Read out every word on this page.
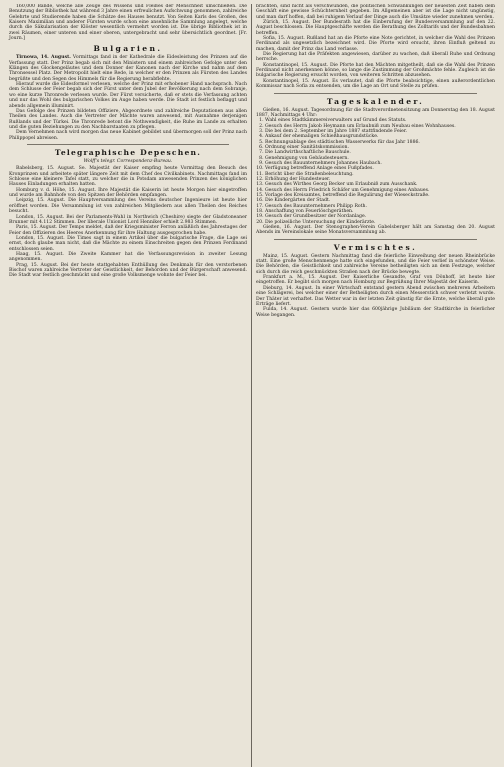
160,000 Bände, welche alle Zeuge des Wissens und Fleißes der Menschheit umschließen. Die Benutzung der Bibliothek hat während 3 Jahre einen erfreulichen Aufschwung genommen, zahlreiche Gelehrte und Studierende haben die Schätze des Hauses benutzt. Von Seiten Karls des Großen, des Kaisers Maximilian und anderer Fürsten wurde schon eine ansehnliche Sammlung angelegt, welche durch die Säkularisation der Klöster wesentlich vermehrt worden ist. Die übrige Bibliothek ist in zwei Räumen, einer unteren und einer oberen, untergebracht und sehr übersichtlich geordnet. [Fr. Journ.]

Bulgarien.

Tirnowa, 14. August. Vormittags fand in der Kathedrale die Eidesleistung des Prinzen auf die Verfassung statt. Der Prinz begab sich mit den Ministern und einem zahlreichen Gefolge unter den Klängen des Glockengeläutes und dem Donner der Kanonen nach der Kirche und nahm auf dem Thronsessel Platz. Der Metropolit hielt eine Rede, in welcher er den Prinzen als Fürsten des Landes begrüßte und den Segen des Himmels für die Regierung herabflehte.

Hierauf wurde die Eidesformel verlesen, welche der Prinz mit erhobener Hand nachsprach. Nach dem Schlusse der Feier begab sich der Fürst unter dem Jubel der Bevölkerung nach dem Sobranje, wo eine kurze Thronrede verlesen wurde. Der Fürst versicherte, daß er stets die Verfassung achten und nur das Wohl des bulgarischen Volkes im Auge haben werde. Die Stadt ist festlich beflaggt und abends allgemein illuminirt.

Das Gefolge des Prinzen bildeten Offiziere, Abgeordnete und zahlreiche Deputationen aus allen Theilen des Landes. Auch die Vertreter der Mächte waren anwesend, mit Ausnahme derjenigen Rußlands und der Türkei. Die Thronrede betont die Nothwendigkeit, die Ruhe im Lande zu erhalten und die guten Beziehungen zu den Nachbarstaaten zu pflegen.

Dem Vernehmen nach wird morgen das neue Kabinet gebildet und übermorgen soll der Prinz nach Philippopel abreisen.

Telegraphische Depeschen.
Wolff's telegr. Correspondenz-Bureau.

Babelsberg, 15. August. Se. Majestät der Kaiser empfing heute Vormittag den Besuch des Kronprinzen und arbeitete später längere Zeit mit dem Chef des Civilkabinets. Nachmittags fand im Schlosse eine kleinere Tafel statt, zu welcher die in Potsdam anwesenden Prinzen des königlichen Hauses Einladungen erhalten hatten.

Homburg v. d. Höhe, 15. August. Ihre Majestät die Kaiserin ist heute Morgen hier eingetroffen und wurde am Bahnhofe von den Spitzen der Behörden empfangen.

Leipzig, 15. August. Die Hauptversammlung des Vereins deutscher Ingenieure ist heute hier eröffnet worden. Die Versammlung ist von zahlreichen Mitgliedern aus allen Theilen des Reiches besucht.

London, 15. August. Bei der Parlaments-Wahl in Northwich (Cheshire) siegte der Gladstoneaner Brunner mit 4.112 Stimmen. Der liberale Unionist Lord Henniker erhielt 2.983 Stimmen.

Paris, 15. August. Der Temps meldet, daß der Kriegsminister Ferron anläßlich des Jahrestages der Feier den Offizieren des Heeres Anerkennung für ihre Haltung ausgesprochen habe.

London, 15. August. Die Times sagt in einem Artikel über die bulgarische Frage, die Lage sei ernst, doch glaube man nicht, daß die Mächte zu einem Einschreiten gegen den Prinzen Ferdinand entschlossen seien.

Haag, 15. August. Die Zweite Kammer hat die Verfassungsrevision in zweiter Lesung angenommen.

Prag, 15. August. Bei der heute stattgehabten Enthüllung des Denkmals für den verstorbenen Bischof waren zahlreiche Vertreter der Geistlichkeit, der Behörden und der Bürgerschaft anwesend. Die Stadt war festlich geschmückt und eine große Volksmenge wohnte der Feier bei.

brachten, sind nicht als verschwunden, die politischen Schwankungen der neuesten Zeit haben dem Geschäft eine gewisse Schüchternheit gegeben. Im Allgemeinen aber ist die Lage nicht ungünstig, und man darf hoffen, daß bei ruhigem Verlauf der Dinge auch die Umsätze wieder zunehmen werden.

Zürich, 15. August. Der Bundesrath hat die Einberufung der Bundesversammlung auf den 22. August beschlossen. Die Hauptgeschäfte werden die Berathung des Zolltarifs und der Bundesbahnen betreffen.

Sofia, 15. August. Rußland hat an die Pforte eine Note gerichtet, in welcher die Wahl des Prinzen Ferdinand als ungesetzlich bezeichnet wird. Die Pforte wird ersucht, ihren Einfluß geltend zu machen, damit der Prinz das Land verlasse.

Die Regierung hat die Präfekten angewiesen, darüber zu wachen, daß überall Ruhe und Ordnung herrsche.

Konstantinopel, 15. August. Die Pforte hat den Mächten mitgetheilt, daß sie die Wahl des Prinzen Ferdinand nicht anerkennen könne, so lange die Zustimmung der Großmächte fehle. Zugleich ist die bulgarische Regierung ersucht worden, von weiteren Schritten abzusehen.

Konstantinopel, 15. August. Es verlautet, daß die Pforte beabsichtige, einen außerordentlichen Kommissar nach Sofia zu entsenden, um die Lage an Ort und Stelle zu prüfen.

Tageskalender.

Gießen, 16. August. Tagesordnung für die Stadtverordnetensitzung am Donnerstag den 18. August 1887, Nachmittags 4 Uhr:

1. Wahl eines Stadtkämmereiverwalters auf Grund des Statuts.
2. Gesuch des Herrn Jakob Heymann um Erlaubniß zum Neubau eines Wohnhauses.
3. Die bei dem 2. September im Jahre 1887 stattfindende Feier.
4. Ankauf der ehemaligen Schießhausgrundstücke.
5. Rechnungsablage des städtischen Wasserwerks für das Jahr 1886.
6. Ordnung einer Sanitätskommission.
7. Die Landwirthschaftliche Bauschule.
8. Genehmigung von Gebäudesteuern.
9. Gesuch des Bauunternehmers Johannes Haubach.
10. Verfügung betreffend Anlage eines Fußpfades.
11. Bericht über die Straßenbeleuchtung.
12. Erhöhung der Hundesteuer.
13. Gesuch des Wirthes Georg Becker um Erlaubniß zum Ausschank.
14. Gesuch des Herrn Friedrich Schäfer um Genehmigung eines Anbaues.
15. Vorlage des Kreisamtes, betreffend die Regulirung der Wieseckstraße.
16. Die Kindergärten der Stadt.
17. Gesuch des Bauunternehmers Philipp Roth.
18. Anschaffung von Feuerlöschgeräthen.
19. Gesuch der Grundbesitzer der Nordanlage.
20. Die polizeiliche Untersuchung der Kinderärzte.

Gießen, 16. August. Der Stenographen-Verein Gabelsberger hält am Samstag den 20. August Abends im Vereinslokale seine Monatsversammlung ab.

Vermischtes.

Mainz, 15. August. Gestern Nachmittag fand die feierliche Einweihung der neuen Rheinbrücke statt. Eine große Menschenmenge hatte sich eingefunden, und die Feier verlief in schönster Weise. Die Behörden, die Geistlichkeit und zahlreiche Vereine betheiligten sich an dem Festzuge, welcher sich durch die reich geschmückten Straßen nach der Brücke bewegte.

Frankfurt a. M., 15. August. Der Kaiserliche Gesandte, Graf von Dönhoff, ist heute hier eingetroffen. Er begibt sich morgen nach Homburg zur Begrüßung Ihrer Majestät der Kaiserin.

Dieburg, 14. August. In einer Wirtschaft entstand gestern Abend zwischen mehreren Arbeitern eine Schlägerei, bei welcher einer der Betheiligten durch einen Messerstich schwer verletzt wurde. Der Thäter ist verhaftet. Das Wetter war in der letzten Zeit günstig für die Ernte, welche überall gute Erträge liefert.

Fulda, 14. August. Gestern wurde hier das 600jährige Jubiläum der Stadtkirche in feierlicher Weise begangen.
